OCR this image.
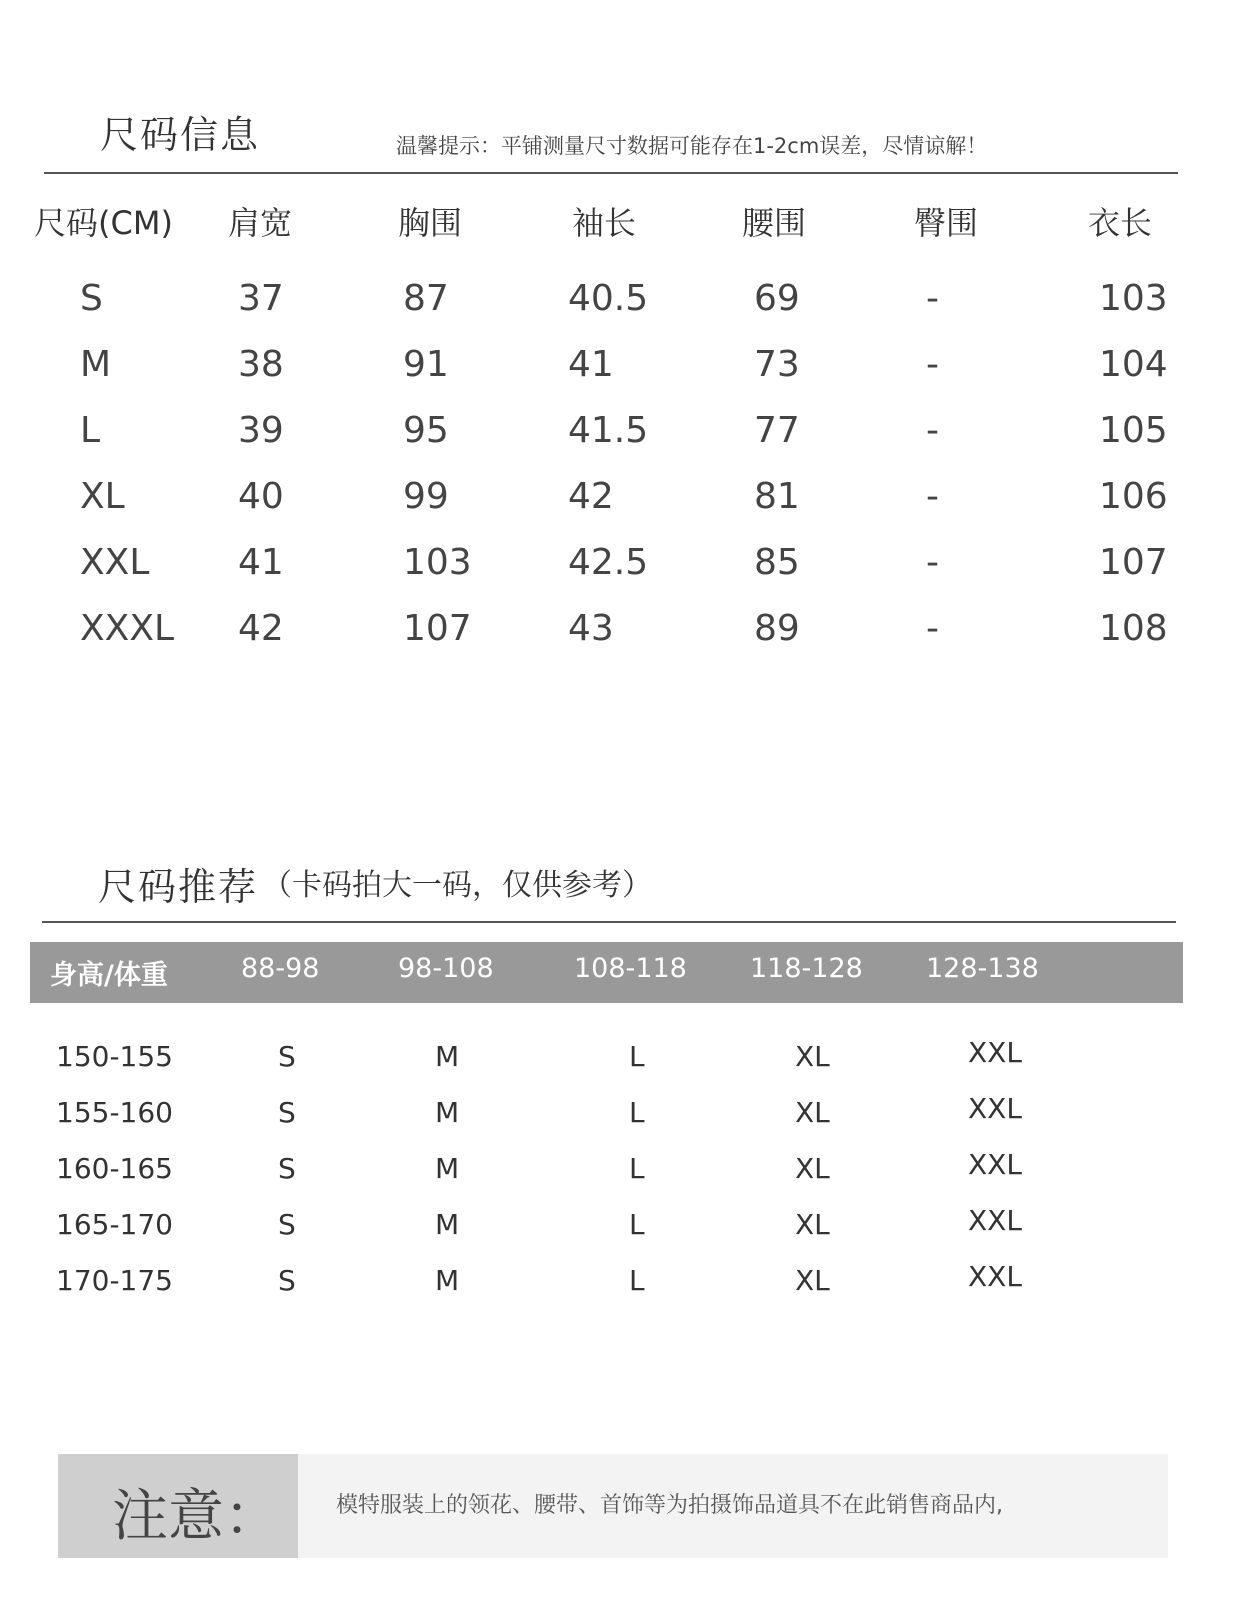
尺码信息	温馨提示：平铺测量尺寸数据可能存在1-2cm误差，尽情谅解！
尺码(CM) 肩宽	胸围	袖长	腰围	臀围	衣长
S	37	87	40.5	69	-	103
M	38	91	41	73	-	104
L	39	95	41.5	77	-	105
XL	40	99	42	81	-	106
XXL 41	103	42.5	85	-	107
XXXL 42	107	43	89	-	108
尺码推荐 （卡码拍大一码，仅供参考）
身高/体重	88-98	98-108	108-118 118-128 128-138
150-155	S	M	L	XL	XXL
155-160	S	M	L	XL	XXL
160-165	S	M	L	XL	XXL
165-170	S	M	L	XL	XXL
170-175	S	M	L	XL	XXL
注意：	模特服装上的领花、腰带、首饰等为拍摄饰品道具不在此销售商品内,
